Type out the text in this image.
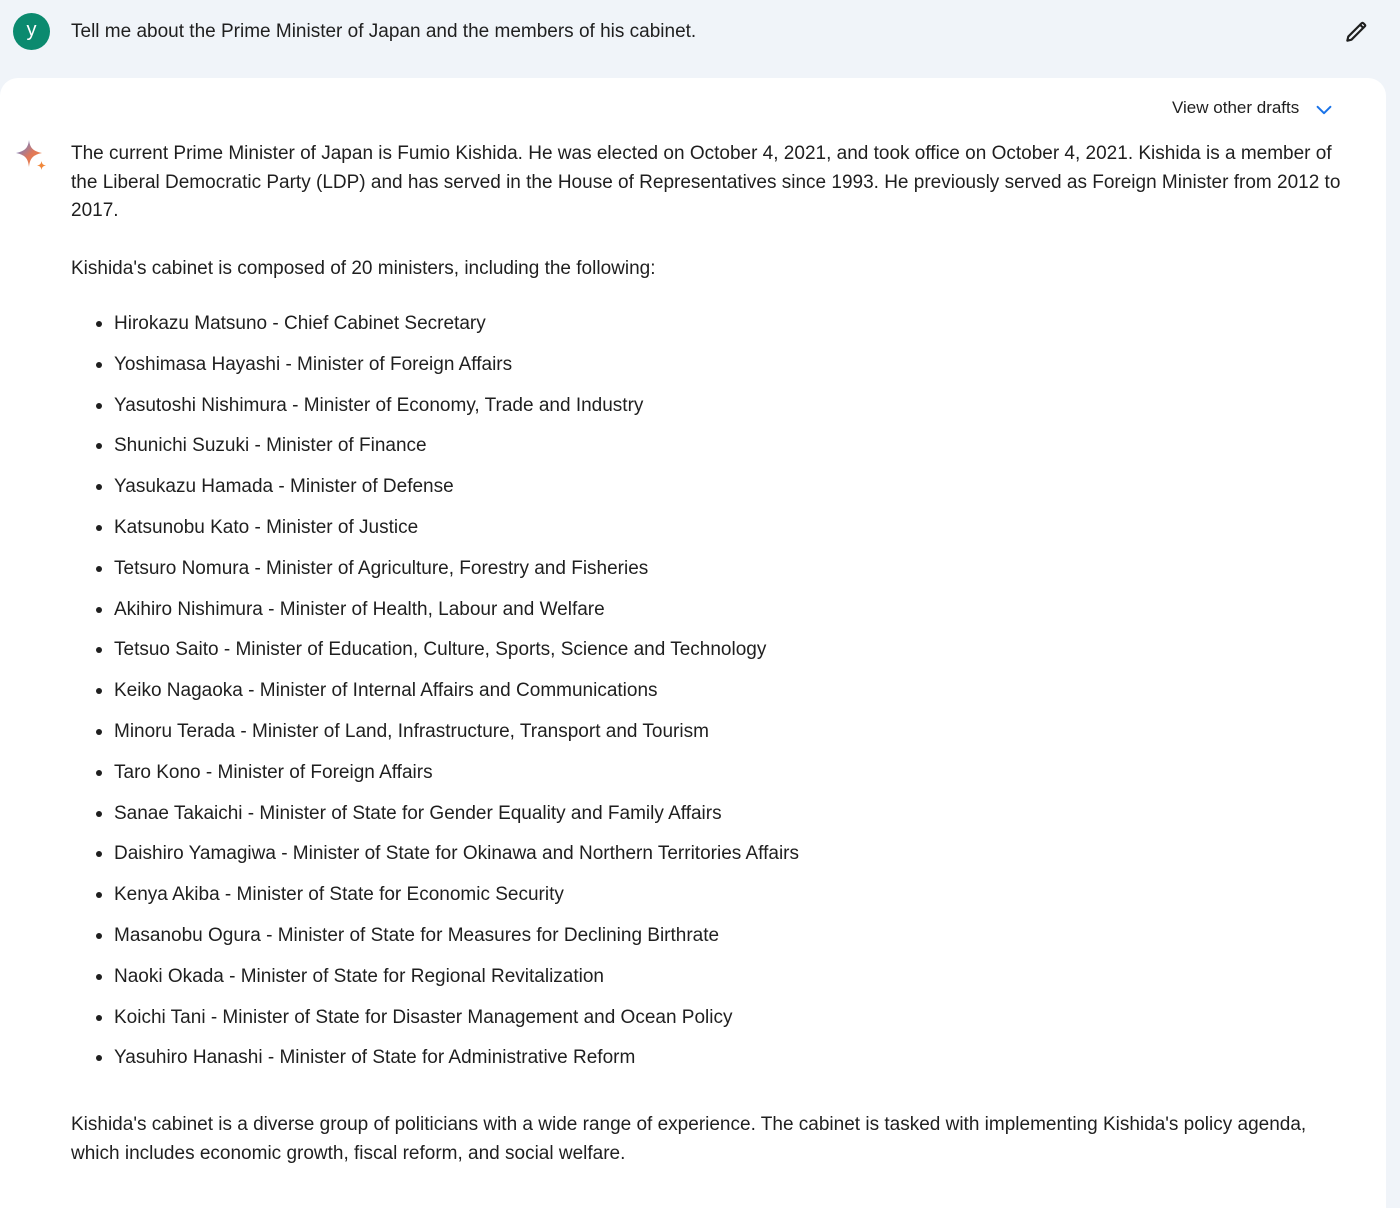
y	Tell me about the Prime Minister of Japan and the members of his cabinet.
View other drafts

The current Prime Minister of Japan is Fumio Kishida. He was elected on October 4, 2021, and took office on October 4, 2021. Kishida is a member of the Liberal Democratic Party (LDP) and has served in the House of Representatives since 1993. He previously served as Foreign Minister from 2012 to 2017.

Kishida's cabinet is composed of 20 ministers, including the following:

Hirokazu Matsuno - Chief Cabinet Secretary
Yoshimasa Hayashi - Minister of Foreign Affairs
Yasutoshi Nishimura - Minister of Economy, Trade and Industry
Shunichi Suzuki - Minister of Finance
Yasukazu Hamada - Minister of Defense
Katsunobu Kato - Minister of Justice
Tetsuro Nomura - Minister of Agriculture, Forestry and Fisheries
Akihiro Nishimura - Minister of Health, Labour and Welfare
Tetsuo Saito - Minister of Education, Culture, Sports, Science and Technology
Keiko Nagaoka - Minister of Internal Affairs and Communications
Minoru Terada - Minister of Land, Infrastructure, Transport and Tourism
Taro Kono - Minister of Foreign Affairs
Sanae Takaichi - Minister of State for Gender Equality and Family Affairs
Daishiro Yamagiwa - Minister of State for Okinawa and Northern Territories Affairs
Kenya Akiba - Minister of State for Economic Security
Masanobu Ogura - Minister of State for Measures for Declining Birthrate
Naoki Okada - Minister of State for Regional Revitalization
Koichi Tani - Minister of State for Disaster Management and Ocean Policy
Yasuhiro Hanashi - Minister of State for Administrative Reform

Kishida's cabinet is a diverse group of politicians with a wide range of experience. The cabinet is tasked with implementing Kishida's policy agenda, which includes economic growth, fiscal reform, and social welfare.
